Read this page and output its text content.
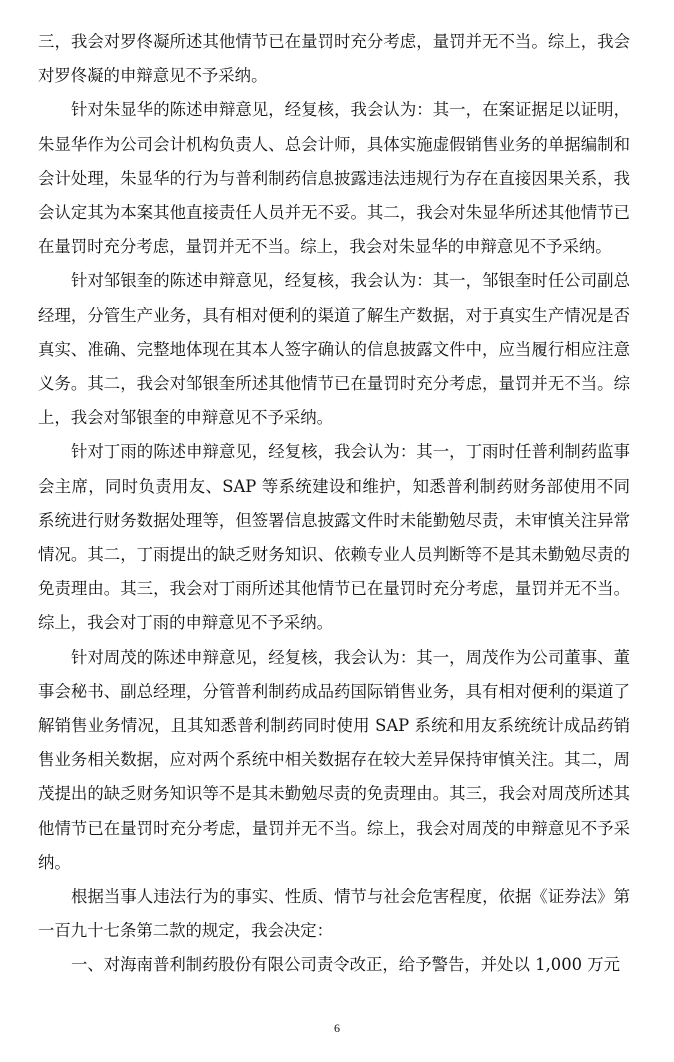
三，我会对罗佟凝所述其他情节已在量罚时充分考虑，量罚并无不当。综上，我会对罗佟凝的申辩意见不予采纳。

针对朱显华的陈述申辩意见，经复核，我会认为：其一，在案证据足以证明，朱显华作为公司会计机构负责人、总会计师，具体实施虚假销售业务的单据编制和会计处理，朱显华的行为与普利制药信息披露违法违规行为存在直接因果关系，我会认定其为本案其他直接责任人员并无不妥。其二，我会对朱显华所述其他情节已在量罚时充分考虑，量罚并无不当。综上，我会对朱显华的申辩意见不予采纳。

针对邹银奎的陈述申辩意见，经复核，我会认为：其一，邹银奎时任公司副总经理，分管生产业务，具有相对便利的渠道了解生产数据，对于真实生产情况是否真实、准确、完整地体现在其本人签字确认的信息披露文件中，应当履行相应注意义务。其二，我会对邹银奎所述其他情节已在量罚时充分考虑，量罚并无不当。综上，我会对邹银奎的申辩意见不予采纳。

针对丁雨的陈述申辩意见，经复核，我会认为：其一，丁雨时任普利制药监事会主席，同时负责用友、SAP 等系统建设和维护，知悉普利制药财务部使用不同系统进行财务数据处理等，但签署信息披露文件时未能勤勉尽责，未审慎关注异常情况。其二，丁雨提出的缺乏财务知识、依赖专业人员判断等不是其未勤勉尽责的免责理由。其三，我会对丁雨所述其他情节已在量罚时充分考虑，量罚并无不当。综上，我会对丁雨的申辩意见不予采纳。

针对周茂的陈述申辩意见，经复核，我会认为：其一，周茂作为公司董事、董事会秘书、副总经理，分管普利制药成品药国际销售业务，具有相对便利的渠道了解销售业务情况，且其知悉普利制药同时使用 SAP 系统和用友系统统计成品药销售业务相关数据，应对两个系统中相关数据存在较大差异保持审慎关注。其二，周茂提出的缺乏财务知识等不是其未勤勉尽责的免责理由。其三，我会对周茂所述其他情节已在量罚时充分考虑，量罚并无不当。综上，我会对周茂的申辩意见不予采纳。

根据当事人违法行为的事实、性质、情节与社会危害程度，依据《证券法》第一百九十七条第二款的规定，我会决定：

一、对海南普利制药股份有限公司责令改正，给予警告，并处以 1,000 万元

6
